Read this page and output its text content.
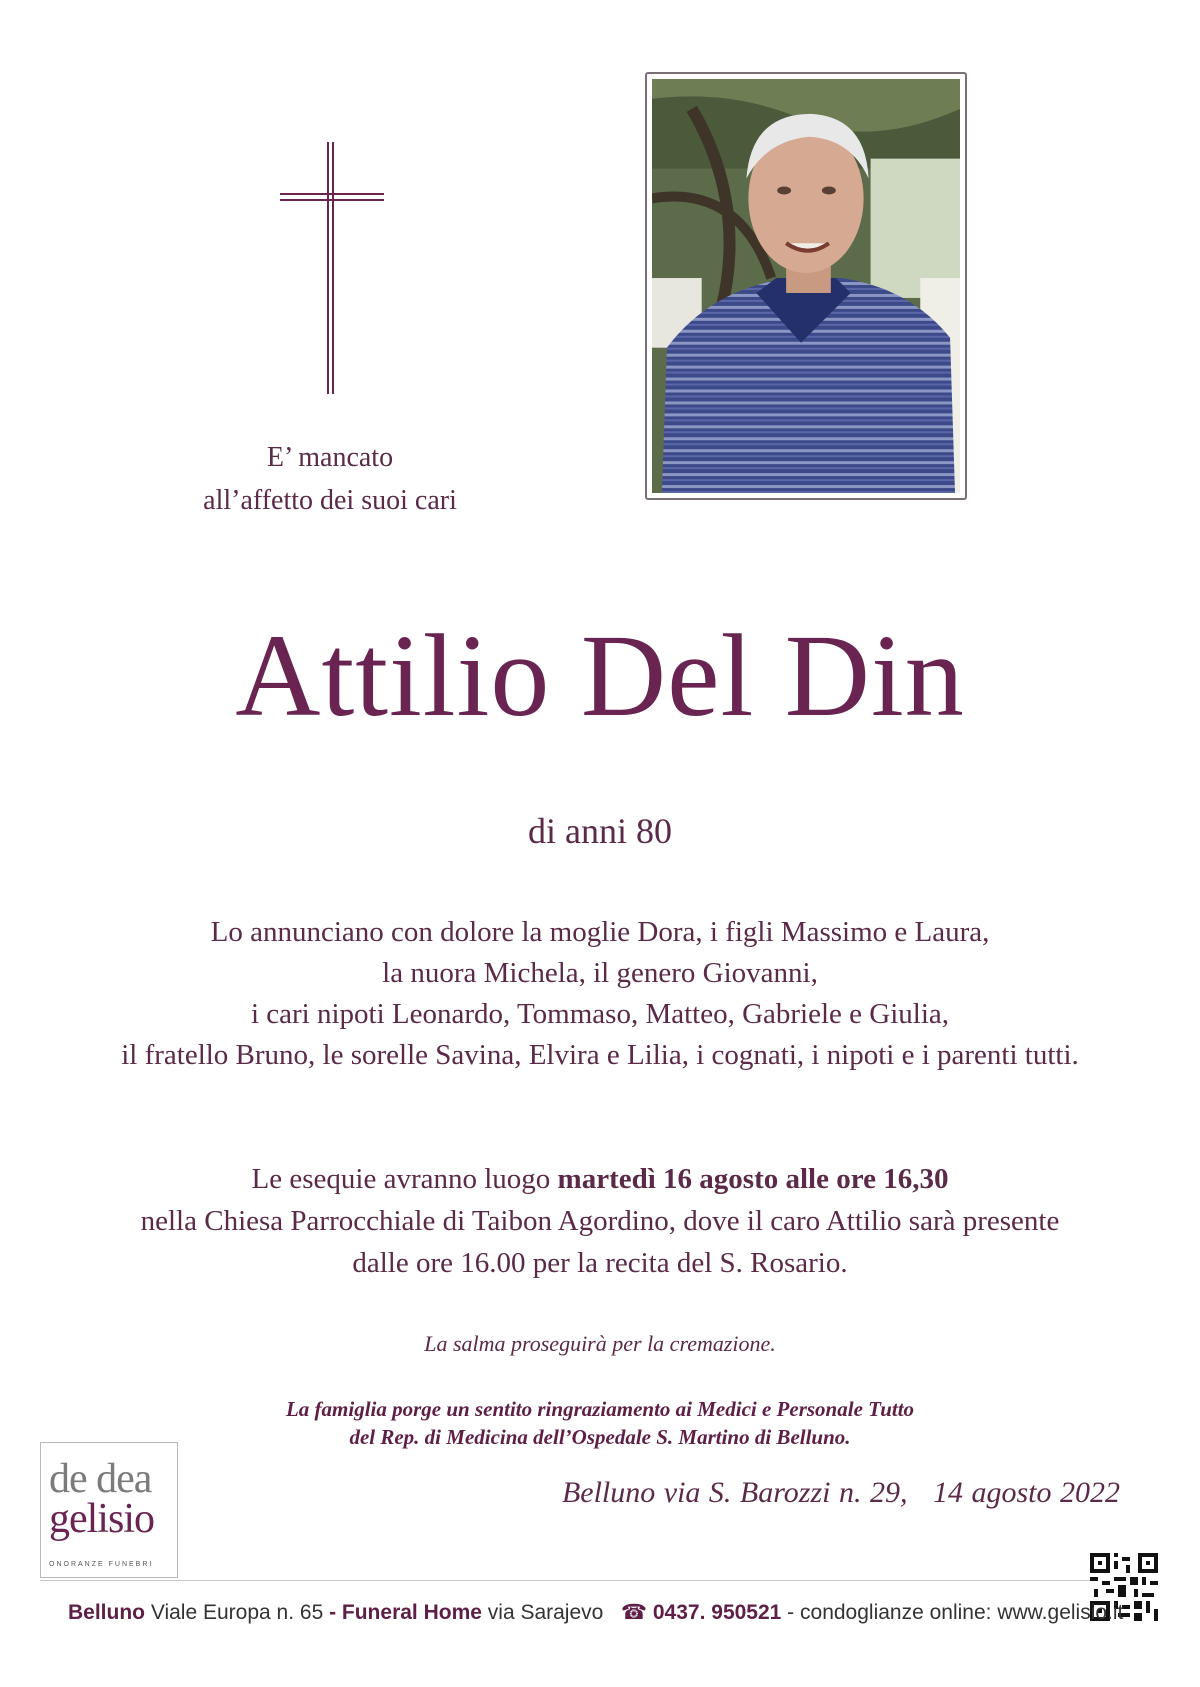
E’ mancato
all’affetto dei suoi cari
Attilio Del Din
di anni 80
Lo annunciano con dolore la moglie Dora, i figli Massimo e Laura,
la nuora Michela, il genero Giovanni,
i cari nipoti Leonardo, Tommaso, Matteo, Gabriele e Giulia,
il fratello Bruno, le sorelle Savina, Elvira e Lilia, i cognati, i nipoti e i parenti tutti.
Le esequie avranno luogo martedì 16 agosto alle ore 16,30
nella Chiesa Parrocchiale di Taibon Agordino, dove il caro Attilio sarà presente
dalle ore 16.00 per la recita del S. Rosario.
La salma proseguirà per la cremazione.
La famiglia porge un sentito ringraziamento ai Medici e Personale Tutto
del Rep. di Medicina dell’Ospedale S. Martino di Belluno.
Belluno via S. Barozzi n. 29,   14 agosto 2022
de dea
gelisio
ONORANZE FUNEBRI
Belluno Viale Europa n. 65 - Funeral Home via Sarajevo ☎ 0437. 950521 - condoglianze online: www.gelisio.it
